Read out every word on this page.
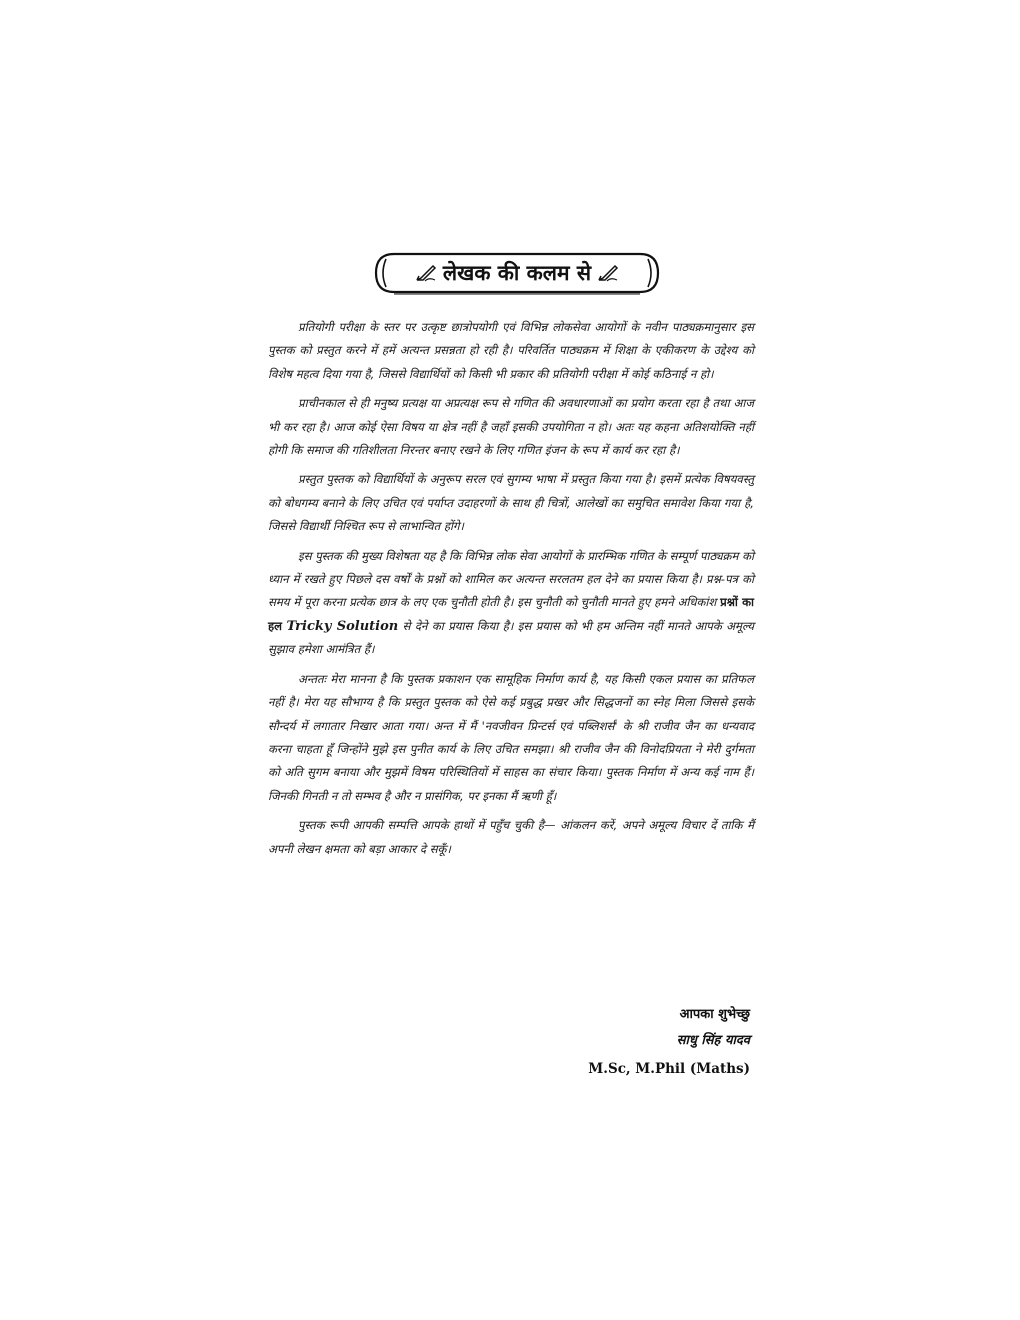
लेखक की कलम से

प्रतियोगी परीक्षा के स्तर पर उत्कृष्ट छात्रोपयोगी एवं विभिन्न लोकसेवा आयोगों के नवीन पाठ्यक्रमानुसार इस पुस्तक को प्रस्तुत करने में हमें अत्यन्त प्रसन्नता हो रही है। परिवर्तित पाठ्यक्रम में शिक्षा के एकीकरण के उद्देश्य को विशेष महत्व दिया गया है, जिससे विद्यार्थियों को किसी भी प्रकार की प्रतियोगी परीक्षा में कोई कठिनाई न हो।

प्राचीनकाल से ही मनुष्य प्रत्यक्ष या अप्रत्यक्ष रूप से गणित की अवधारणाओं का प्रयोग करता रहा है तथा आज भी कर रहा है। आज कोई ऐसा विषय या क्षेत्र नहीं है जहाँ इसकी उपयोगिता न हो। अतः यह कहना अतिशयोक्ति नहीं होगी कि समाज की गतिशीलता निरन्तर बनाए रखने के लिए गणित इंजन के रूप में कार्य कर रहा है।

प्रस्तुत पुस्तक को विद्यार्थियों के अनुरूप सरल एवं सुगम्य भाषा में प्रस्तुत किया गया है। इसमें प्रत्येक विषयवस्तु को बोधगम्य बनाने के लिए उचित एवं पर्याप्त उदाहरणों के साथ ही चित्रों, आलेखों का समुचित समावेश किया गया है, जिससे विद्यार्थी निश्चित रूप से लाभान्वित होंगे।

इस पुस्तक की मुख्य विशेषता यह है कि विभिन्न लोक सेवा आयोगों के प्रारम्भिक गणित के सम्पूर्ण पाठ्यक्रम को ध्यान में रखते हुए पिछले दस वर्षों के प्रश्नों को शामिल कर अत्यन्त सरलतम हल देने का प्रयास किया है। प्रश्न-पत्र को समय में पूरा करना प्रत्येक छात्र के लए एक चुनौती होती है। इस चुनौती को चुनौती मानते हुए हमने अधिकांश प्रश्नों का हल Tricky Solution से देने का प्रयास किया है। इस प्रयास को भी हम अन्तिम नहीं मानते आपके अमूल्य सुझाव हमेशा आमंत्रित हैं।

अन्ततः मेरा मानना है कि पुस्तक प्रकाशन एक सामूहिक निर्माण कार्य है, यह किसी एकल प्रयास का प्रतिफल नहीं है। मेरा यह सौभाग्य है कि प्रस्तुत पुस्तक को ऐसे कई प्रबुद्ध प्रखर और सिद्धजनों का स्नेह मिला जिससे इसके सौन्दर्य में लगातार निखार आता गया। अन्त में मैं 'नवजीवन प्रिन्टर्स एवं पब्लिशर्स' के श्री राजीव जैन का धन्यवाद करना चाहता हूँ जिन्होंने मुझे इस पुनीत कार्य के लिए उचित समझा। श्री राजीव जैन की विनोदप्रियता ने मेरी दुर्गमता को अति सुगम बनाया और मुझमें विषम परिस्थितियों में साहस का संचार किया। पुस्तक निर्माण में अन्य कई नाम हैं। जिनकी गिनती न तो सम्भव है और न प्रासंगिक, पर इनका मैं ऋणी हूँ।

पुस्तक रूपी आपकी सम्पत्ति आपके हाथों में पहुँच चुकी है— आंकलन करें, अपने अमूल्य विचार दें ताकि मैं अपनी लेखन क्षमता को बड़ा आकार दे सकूँ।

आपका शुभेच्छु
साधु सिंह यादव
M.Sc, M.Phil (Maths)
